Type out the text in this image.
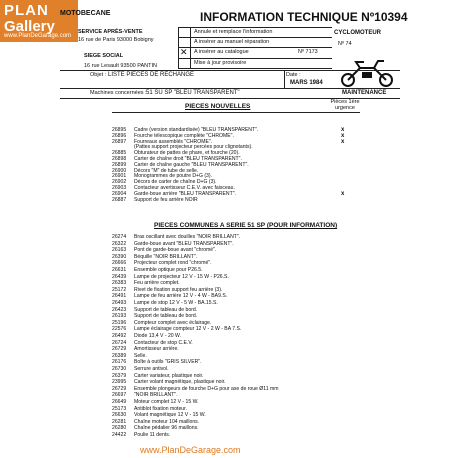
PLAN
Gallery
www.PlanDeGarage.com
MOTOBECANE
SERVICE APRÈS-VENTE
16 rue de Paris 93000 Bobigny
SIEGE SOCIAL
16 rue Lesault 93500 PANTIN
INFORMATION TECHNIQUE Nº10394
Annule et remplace l'information
A insérer au manuel réparation
A insérer au catalogue	Nº 7173
Mise à jour provisoire
✕
CYCLOMOTEUR
Nº 74
Objet : LISTE PIECES DE RECHANGE	Date :
MARS 1984
Machines concernées : 51 SU SP "BLEU TRANSPARENT"	MAINTENANCE
PIECES NOUVELLES
Pièces 1ère urgence
26895 Cadre (version standardisée) "BLEU TRANSPARENT".	x
26896 Fourche télescopique complète "CHROME".	x
26897 Fourreaux assemblés "CHROME".	x
(Pattes support projecteur percées pour clignotants).
26885 Obturateur de pattes de phare, et fourche (20).
26898 Carter de chaîne droit "BLEU TRANSPARENT".
26899 Carter de chaîne gauche "BLEU TRANSPARENT".
26900 Décors "M" de tube de selle.
26901 Monogrammes de poutre D+G (3).
26902 Décors de carter de chaîne D+G (3).
26903 Contacteur avertisseur C.E.V. avec faisceau.
26904 Garde-boue arrière "BLEU TRANSPARENT".	x
26887 Support de feu arrière NOIR
PIECES COMMUNES A SERIE 51 SP (POUR INFORMATION)
26274 Bras oscillant avec douilles "NOIR BRILLANT".
26322 Garde-boue avant "BLEU TRANSPARENT".
26163 Pont de garde-boue avant "chromé".
26390 Béquille "NOIR BRILLANT".
26666 Projecteur complet rond "chromé".
26631 Ensemble optique pour P26.5.
26439 Lampe de projecteur 12 V - 15 W - P26.S.
26383 Feu arrière complet.
25172 Rivet de fixation support feu arrière (3).
26491 Lampe de feu arrière 12 V - 4 W - BA9.S.
26493 Lampe de stop 12 V - 5 W - BA.15.S.
26423 Support de tableau de bord.
26193 Support de tableau de bord.
25196 Compteur complet avec éclairage.
22576 Lampe éclairage compteur 12 V - 2 W - BA 7.S.
26492 Diode 13,4 V - 20 W.
26724 Contacteur de stop C.E.V.
26729 Amortisseur arrière.
26389 Selle.
26176 Boîte à outils "GRIS SILVER".
26730 Serrure antivol.
26379 Carter variateur, plastique noir.
23995 Carter volant magnétique, plastique noir.
26729 Ensemble plongeurs de fourche D+G pour axe de roue Ø11 mm
26697 "NOIR BRILLANT".
26649 Moteur complet 12 V - 15 W.
25173 Antiblot fixation moteur.
26630 Volant magnétique 12 V - 15 W.
26281 Chaîne moteur 104 maillons.
26280 Chaîne pédalier 96 maillons.
24422 Poulie 11 dents.
www.PlanDeGarage.com
